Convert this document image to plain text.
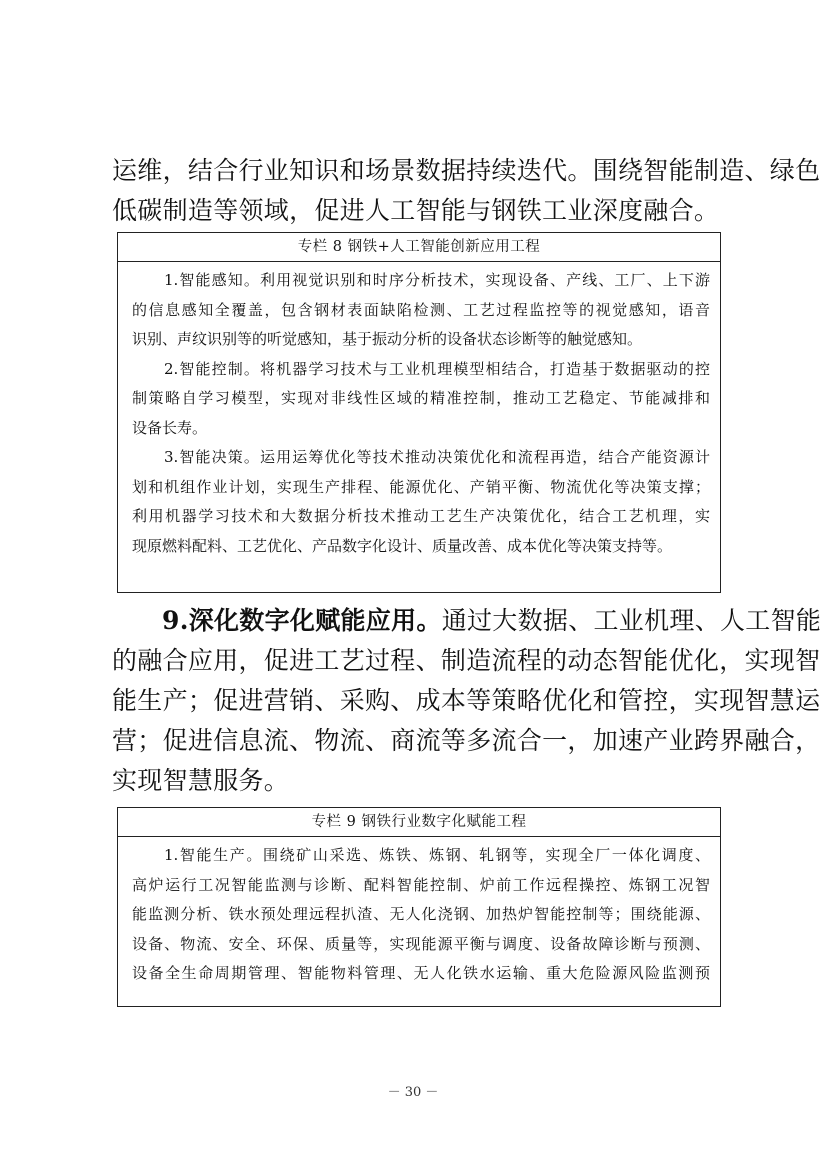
运维，结合行业知识和场景数据持续迭代。围绕智能制造、绿色
低碳制造等领域，促进人工智能与钢铁工业深度融合。

专栏 8 钢铁+人工智能创新应用工程
1.智能感知。利用视觉识别和时序分析技术，实现设备、产线、工厂、上下游
的信息感知全覆盖，包含钢材表面缺陷检测、工艺过程监控等的视觉感知，语音
识别、声纹识别等的听觉感知，基于振动分析的设备状态诊断等的触觉感知。
2.智能控制。将机器学习技术与工业机理模型相结合，打造基于数据驱动的控
制策略自学习模型，实现对非线性区域的精准控制，推动工艺稳定、节能减排和
设备长寿。
3.智能决策。运用运筹优化等技术推动决策优化和流程再造，结合产能资源计
划和机组作业计划，实现生产排程、能源优化、产销平衡、物流优化等决策支撑；
利用机器学习技术和大数据分析技术推动工艺生产决策优化，结合工艺机理，实
现原燃料配料、工艺优化、产品数字化设计、质量改善、成本优化等决策支持等。

9.深化数字化赋能应用。通过大数据、工业机理、人工智能
的融合应用，促进工艺过程、制造流程的动态智能优化，实现智
能生产；促进营销、采购、成本等策略优化和管控，实现智慧运
营；促进信息流、物流、商流等多流合一，加速产业跨界融合，
实现智慧服务。

专栏 9 钢铁行业数字化赋能工程
1.智能生产。围绕矿山采选、炼铁、炼钢、轧钢等，实现全厂一体化调度、
高炉运行工况智能监测与诊断、配料智能控制、炉前工作远程操控、炼钢工况智
能监测分析、铁水预处理远程扒渣、无人化浇钢、加热炉智能控制等；围绕能源、
设备、物流、安全、环保、质量等，实现能源平衡与调度、设备故障诊断与预测、
设备全生命周期管理、智能物料管理、无人化铁水运输、重大危险源风险监测预
－ 30 －
